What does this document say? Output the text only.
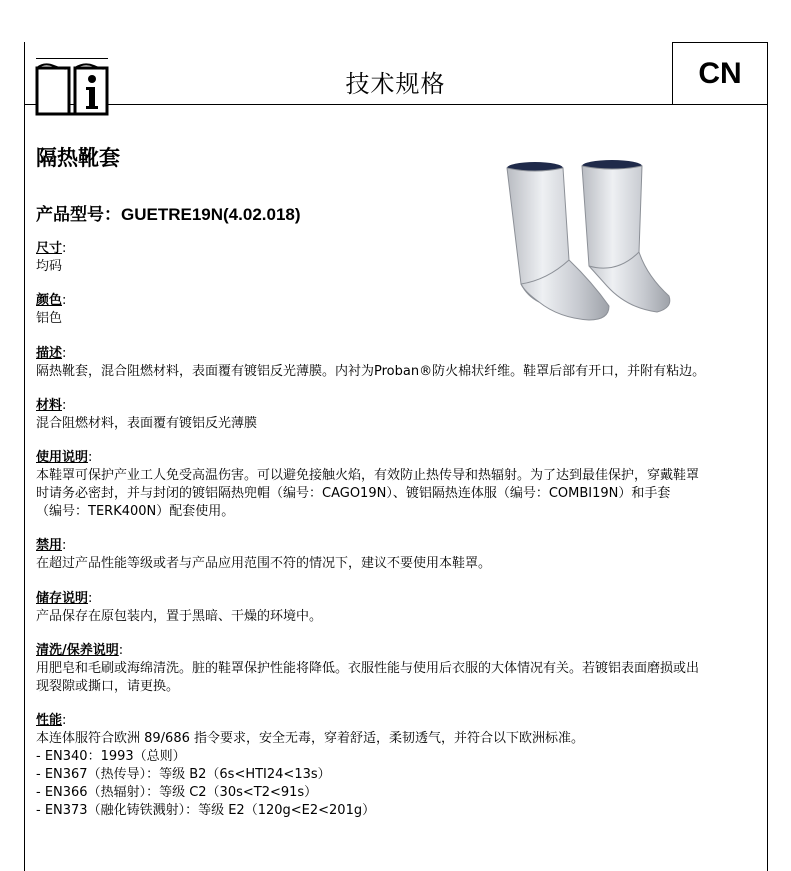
技术规格	CN
隔热靴套
产品型号：GUETRE19N(4.02.018)
尺寸:

均码

颜色:

铝色

描述:

隔热靴套，混合阻燃材料，表面覆有镀铝反光薄膜。内衬为Proban®防火棉状纤维。鞋罩后部有开口，并附有粘边。

材料:

混合阻燃材料，表面覆有镀铝反光薄膜

使用说明:

本鞋罩可保护产业工人免受高温伤害。可以避免接触火焰，有效防止热传导和热辐射。为了达到最佳保护，穿戴鞋罩

时请务必密封，并与封闭的镀铝隔热兜帽（编号：CAGO19N）、镀铝隔热连体服（编号：COMBI19N）和手套

（编号：TERK400N）配套使用。

禁用:

在超过产品性能等级或者与产品应用范围不符的情况下，建议不要使用本鞋罩。

储存说明:

产品保存在原包装内，置于黑暗、干燥的环境中。

清洗/保养说明:

用肥皂和毛刷或海绵清洗。脏的鞋罩保护性能将降低。衣服性能与使用后衣服的大体情况有关。若镀铝表面磨损或出

现裂隙或撕口，请更换。

性能:

本连体服符合欧洲 89/686 指令要求，安全无毒，穿着舒适，柔韧透气，并符合以下欧洲标准。

- EN340：1993（总则）

- EN367（热传导）：等级 B2（6s<HTI24<13s）

- EN366（热辐射）：等级 C2（30s<T2<91s）

- EN373（融化铸铁溅射）：等级 E2（120g<E2<201g）
